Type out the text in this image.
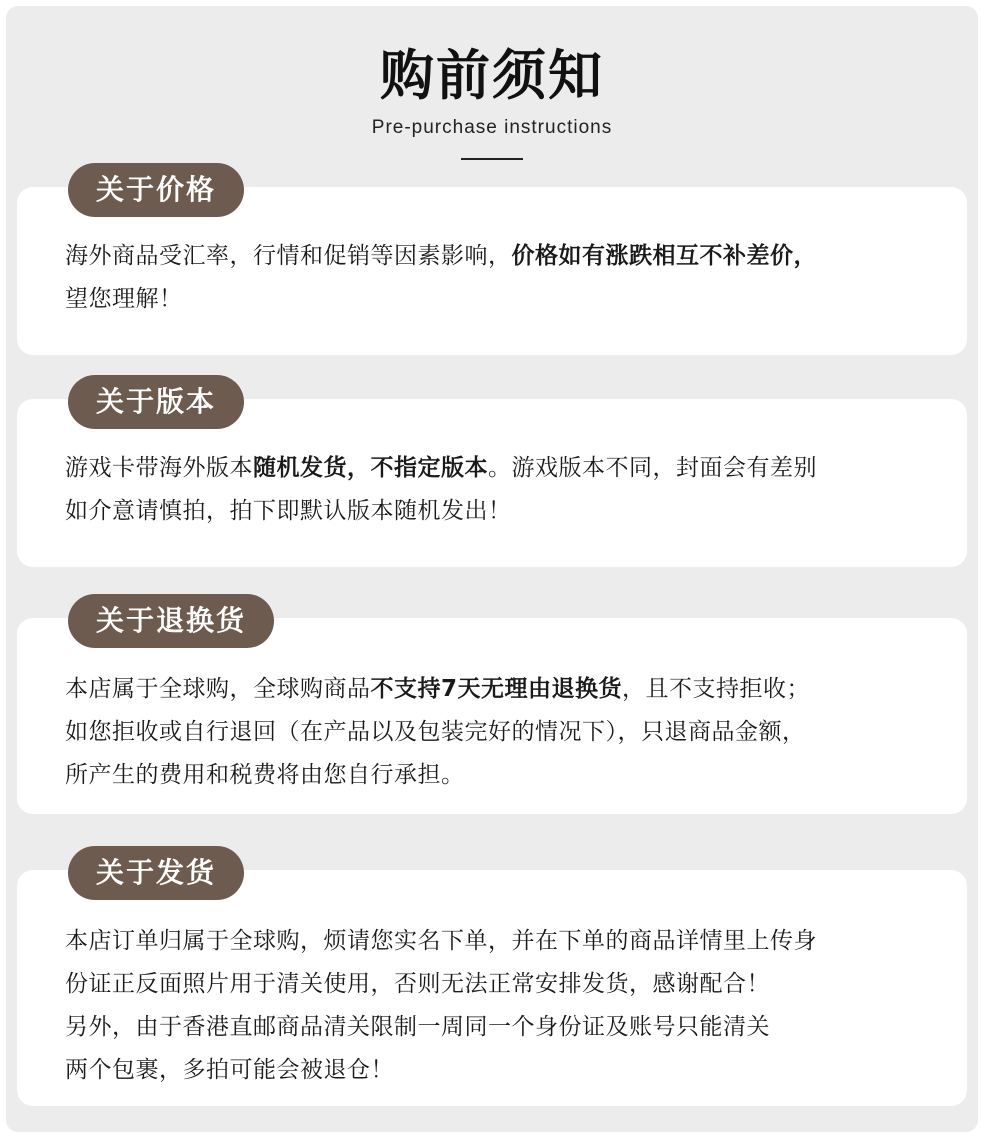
购前须知
Pre-purchase instructions
海外商品受汇率，行情和促销等因素影响，价格如有涨跌相互不补差价，
望您理解！
关于价格
游戏卡带海外版本随机发货，不指定版本。游戏版本不同，封面会有差别
如介意请慎拍，拍下即默认版本随机发出！
关于版本
本店属于全球购，全球购商品不支持7天无理由退换货，且不支持拒收；
如您拒收或自行退回（在产品以及包装完好的情况下），只退商品金额，
所产生的费用和税费将由您自行承担。
关于退换货
本店订单归属于全球购，烦请您实名下单，并在下单的商品详情里上传身
份证正反面照片用于清关使用，否则无法正常安排发货，感谢配合！
另外，由于香港直邮商品清关限制一周同一个身份证及账号只能清关
两个包裹，多拍可能会被退仓！
关于发货
